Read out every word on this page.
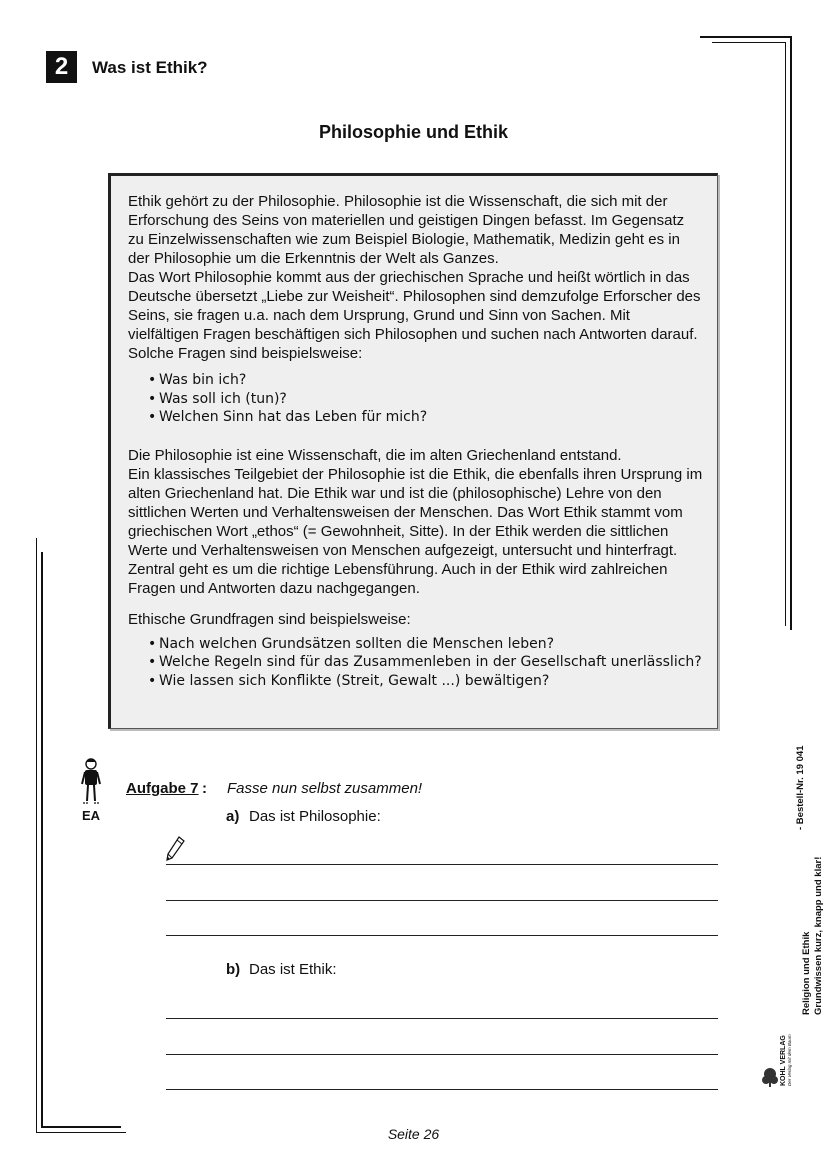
2	Was ist Ethik?
Philosophie und Ethik

Ethik gehört zu der Philosophie. Philosophie ist die Wissenschaft, die sich mit der Erforschung des Seins von materiellen und geistigen Dingen befasst. Im Gegensatz zu Einzelwissenschaften wie zum Beispiel Biologie, Mathematik, Medizin geht es in der Philosophie um die Erkenntnis der Welt als Ganzes.

Das Wort Philosophie kommt aus der griechischen Sprache und heißt wörtlich in das Deutsche übersetzt „Liebe zur Weisheit“. Philosophen sind demzufolge Erforscher des Seins, sie fragen u.a. nach dem Ursprung, Grund und Sinn von Sachen. Mit vielfältigen Fragen beschäftigen sich Philosophen und suchen nach Antworten darauf. Solche Fragen sind beispielsweise:

• Was bin ich?
• Was soll ich (tun)?
• Welchen Sinn hat das Leben für mich?

Die Philosophie ist eine Wissenschaft, die im alten Griechenland entstand.

Ein klassisches Teilgebiet der Philosophie ist die Ethik, die ebenfalls ihren Ursprung im alten Griechenland hat. Die Ethik war und ist die (philosophische) Lehre von den sittlichen Werten und Verhaltensweisen der Menschen. Das Wort Ethik stammt vom griechischen Wort „ethos“ (= Gewohnheit, Sitte). In der Ethik werden die sittlichen Werte und Verhaltensweisen von Menschen aufgezeigt, untersucht und hinterfragt. Zentral geht es um die richtige Lebensführung. Auch in der Ethik wird zahlreichen Fragen und Antworten dazu nachgegangen.

Ethische Grundfragen sind beispielsweise:

• Nach welchen Grundsätzen sollten die Menschen leben?
• Welche Regeln sind für das Zusammenleben in der Gesellschaft unerlässlich?
• Wie lassen sich Konflikte (Streit, Gewalt ...) bewältigen?
EA
Aufgabe 7 : Fasse nun selbst zusammen!
a) Das ist Philosophie:
b) Das ist Ethik:	Religion und Ethik Grundwissen kurz, knapp und klar!
- Bestell-Nr. 19 041
KOHL VERLAG Der Verlag mit dem Baum
Seite 26
